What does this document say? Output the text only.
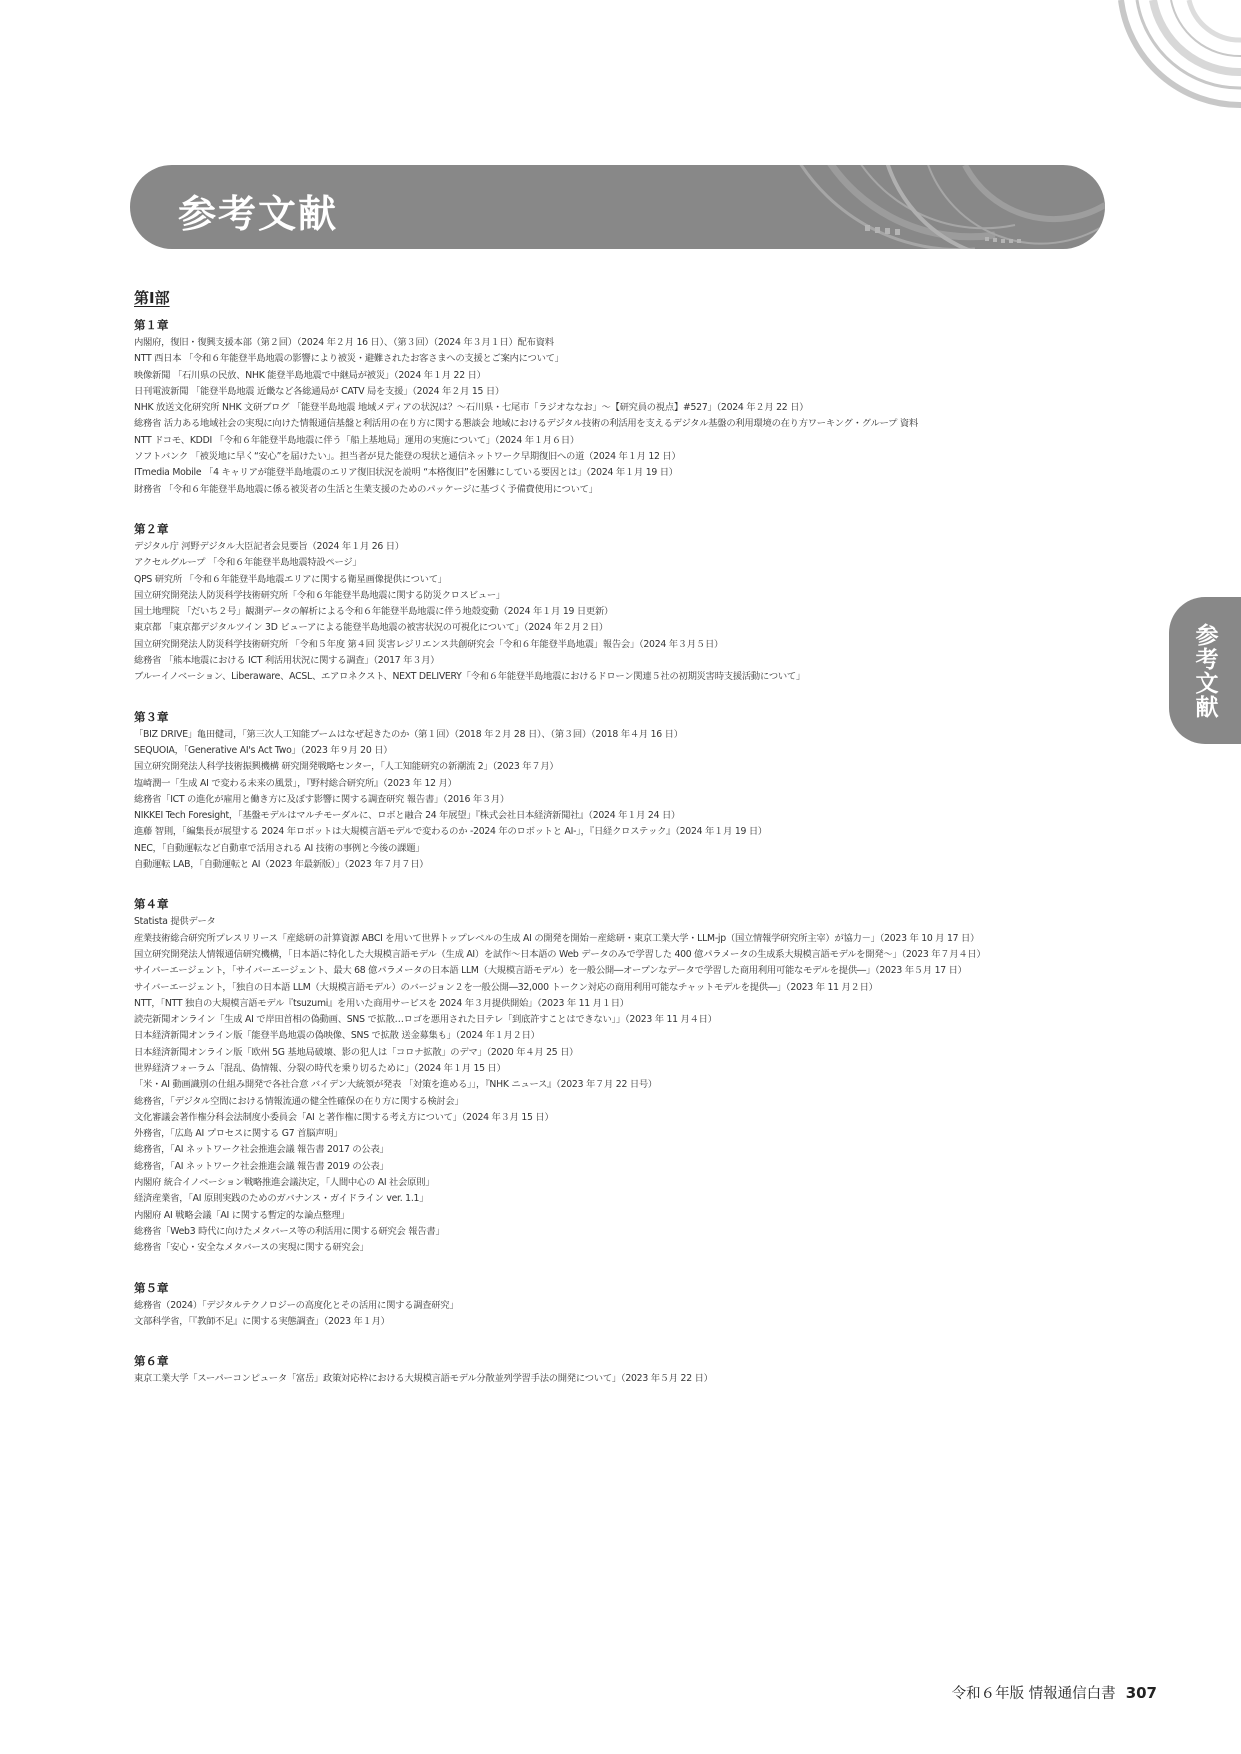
参考文献
参考文献
第Ⅰ部
第１章
内閣府，復旧・復興支援本部（第２回）（2024 年２月 16 日）、（第３回）（2024 年３月１日）配布資料
NTT 西日本 「令和６年能登半島地震の影響により被災・避難されたお客さまへの支援とご案内について」
映像新聞 「石川県の民放、NHK 能登半島地震で中継局が被災」（2024 年１月 22 日）
日刊電波新聞 「能登半島地震 近畿など各総通局が CATV 局を支援」（2024 年２月 15 日）
NHK 放送文化研究所 NHK 文研ブログ 「能登半島地震 地域メディアの状況は？～石川県・七尾市「ラジオななお」～【研究員の視点】#527」（2024 年２月 22 日）
総務省 活力ある地域社会の実現に向けた情報通信基盤と利活用の在り方に関する懇談会 地域におけるデジタル技術の利活用を支えるデジタル基盤の利用環境の在り方ワーキング・グループ 資料
NTT ドコモ、KDDI 「令和６年能登半島地震に伴う「船上基地局」運用の実施について」（2024 年１月６日）
ソフトバンク 「被災地に早く“安心”を届けたい」。担当者が見た能登の現状と通信ネットワーク早期復旧への道（2024 年１月 12 日）
ITmedia Mobile 「4 キャリアが能登半島地震のエリア復旧状況を説明 “本格復旧”を困難にしている要因とは」（2024 年１月 19 日）
財務省 「令和６年能登半島地震に係る被災者の生活と生業支援のためのパッケージに基づく予備費使用について」
第２章
デジタル庁 河野デジタル大臣記者会見要旨（2024 年１月 26 日）
アクセルグループ 「令和６年能登半島地震特設ページ」
QPS 研究所 「令和６年能登半島地震エリアに関する衛星画像提供について」
国立研究開発法人防災科学技術研究所「令和６年能登半島地震に関する防災クロスビュー」
国土地理院 「だいち２号」観測データの解析による令和６年能登半島地震に伴う地殻変動（2024 年１月 19 日更新）
東京都 「東京都デジタルツイン 3D ビューアによる能登半島地震の被害状況の可視化について」（2024 年２月２日）
国立研究開発法人防災科学技術研究所 「令和５年度 第４回 災害レジリエンス共創研究会「令和６年能登半島地震」報告会」（2024 年３月５日）
総務省 「熊本地震における ICT 利活用状況に関する調査」（2017 年３月）
ブルーイノベーション、Liberaware、ACSL、エアロネクスト、NEXT DELIVERY「令和６年能登半島地震におけるドローン関連５社の初期災害時支援活動について」
第３章
「BIZ DRIVE」亀田健司，「第三次人工知能ブームはなぜ起きたのか（第１回）（2018 年２月 28 日）、（第３回）（2018 年４月 16 日）
SEQUOIA，「Generative AI's Act Two」（2023 年９月 20 日）
国立研究開発法人科学技術振興機構 研究開発戦略センター，「人工知能研究の新潮流 2」（2023 年７月）
塩崎潤一「生成 AI で変わる未来の風景」，『野村総合研究所』（2023 年 12 月）
総務省「ICT の進化が雇用と働き方に及ぼす影響に関する調査研究 報告書」（2016 年３月）
NIKKEI Tech Foresight，「基盤モデルはマルチモーダルに、ロボと融合 24 年展望」『株式会社日本経済新聞社』（2024 年１月 24 日）
進藤 智則，「編集長が展望する 2024 年ロボットは大規模言語モデルで変わるのか -2024 年のロボットと AI-」，『日経クロステック』（2024 年１月 19 日）
NEC，「自動運転など自動車で活用される AI 技術の事例と今後の課題」
自動運転 LAB，「自動運転と AI（2023 年最新版）」（2023 年７月７日）
第４章
Statista 提供データ
産業技術総合研究所プレスリリース「産総研の計算資源 ABCI を用いて世界トップレベルの生成 AI の開発を開始－産総研・東京工業大学・LLM-jp（国立情報学研究所主宰）が協力－」（2023 年 10 月 17 日）
国立研究開発法人情報通信研究機構，「日本語に特化した大規模言語モデル（生成 AI）を試作～日本語の Web データのみで学習した 400 億パラメータの生成系大規模言語モデルを開発～」（2023 年７月４日）
サイバーエージェント，「サイバーエージェント、最大 68 億パラメータの日本語 LLM（大規模言語モデル）を一般公開―オープンなデータで学習した商用利用可能なモデルを提供―」（2023 年５月 17 日）
サイバーエージェント，「独自の日本語 LLM（大規模言語モデル）のバージョン２を一般公開―32,000 トークン対応の商用利用可能なチャットモデルを提供―」（2023 年 11 月２日）
NTT，「NTT 独自の大規模言語モデル『tsuzumi』を用いた商用サービスを 2024 年３月提供開始」（2023 年 11 月１日）
読売新聞オンライン「生成 AI で岸田首相の偽動画、SNS で拡散…ロゴを悪用された日テレ「到底許すことはできない」」（2023 年 11 月４日）
日本経済新聞オンライン版「能登半島地震の偽映像、SNS で拡散 送金募集も」（2024 年１月２日）
日本経済新聞オンライン版「欧州 5G 基地局破壊、影の犯人は「コロナ拡散」のデマ」（2020 年４月 25 日）
世界経済フォーラム「混乱、偽情報、分裂の時代を乗り切るために」（2024 年１月 15 日）
「米・AI 動画識別の仕組み開発で各社合意 バイデン大統領が発表 「対策を進める」」，『NHK ニュース』（2023 年７月 22 日号）
総務省，「デジタル空間における情報流通の健全性確保の在り方に関する検討会」
文化審議会著作権分科会法制度小委員会「AI と著作権に関する考え方について」（2024 年３月 15 日）
外務省，「広島 AI プロセスに関する G7 首脳声明」
総務省，「AI ネットワーク社会推進会議 報告書 2017 の公表」
総務省，「AI ネットワーク社会推進会議 報告書 2019 の公表」
内閣府 統合イノベーション戦略推進会議決定，「人間中心の AI 社会原則」
経済産業省，「AI 原則実践のためのガバナンス・ガイドライン ver. 1.1」
内閣府 AI 戦略会議「AI に関する暫定的な論点整理」
総務省「Web3 時代に向けたメタバース等の利活用に関する研究会 報告書」
総務省「安心・安全なメタバースの実現に関する研究会」
第５章
総務省（2024）「デジタルテクノロジーの高度化とその活用に関する調査研究」
文部科学省，「『教師不足』に関する実態調査」（2023 年１月）
第６章
東京工業大学「スーパーコンピュータ「富岳」政策対応枠における大規模言語モデル分散並列学習手法の開発について」（2023 年５月 22 日）
令和６年版 情報通信白書 307
